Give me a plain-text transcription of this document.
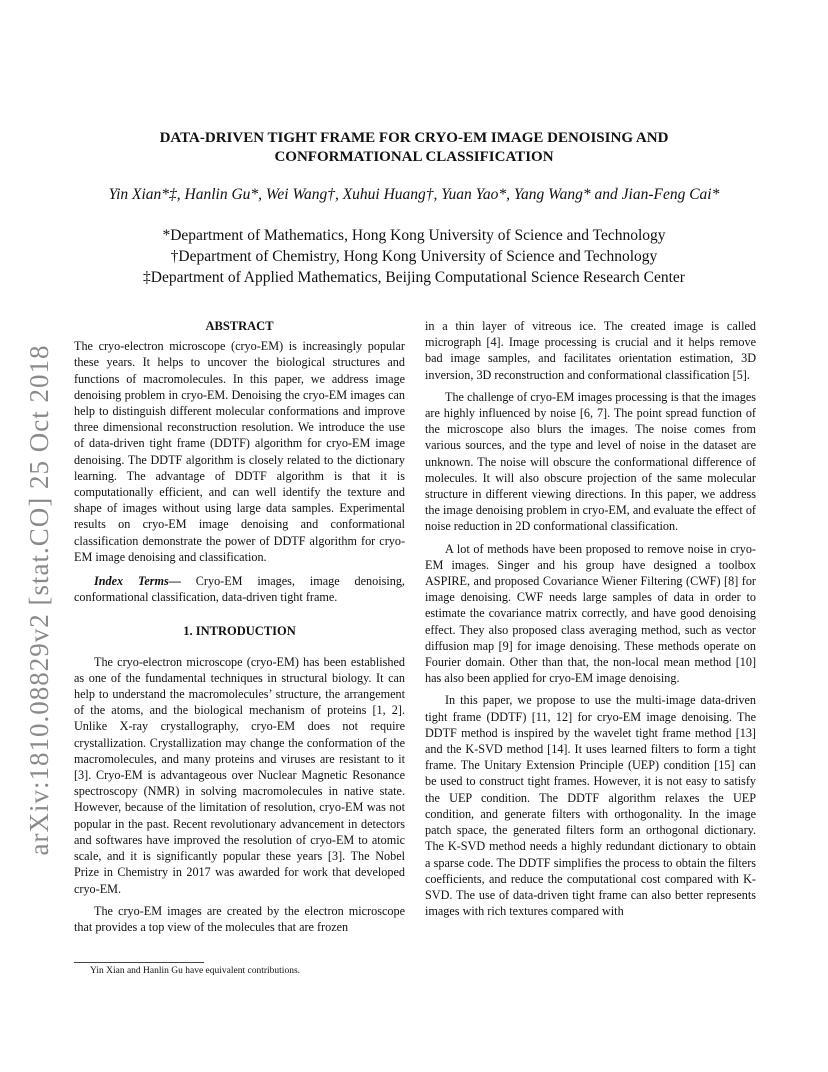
arXiv:1810.08829v2 [stat.CO] 25 Oct 2018
DATA-DRIVEN TIGHT FRAME FOR CRYO-EM IMAGE DENOISING AND CONFORMATIONAL CLASSIFICATION
Yin Xian*‡, Hanlin Gu*, Wei Wang†, Xuhui Huang†, Yuan Yao*, Yang Wang* and Jian-Feng Cai*
*Department of Mathematics, Hong Kong University of Science and Technology
†Department of Chemistry, Hong Kong University of Science and Technology
‡Department of Applied Mathematics, Beijing Computational Science Research Center
ABSTRACT

The cryo-electron microscope (cryo-EM) is increasingly popular these years. It helps to uncover the biological structures and functions of macromolecules. In this paper, we address image denoising problem in cryo-EM. Denoising the cryo-EM images can help to distinguish different molecular conformations and improve three dimensional reconstruction resolution. We introduce the use of data-driven tight frame (DDTF) algorithm for cryo-EM image denoising. The DDTF algorithm is closely related to the dictionary learning. The advantage of DDTF algorithm is that it is computationally efficient, and can well identify the texture and shape of images without using large data samples. Experimental results on cryo-EM image denoising and conformational classification demonstrate the power of DDTF algorithm for cryo-EM image denoising and classification.

Index Terms— Cryo-EM images, image denoising, conformational classification, data-driven tight frame.

1. INTRODUCTION

The cryo-electron microscope (cryo-EM) has been established as one of the fundamental techniques in structural biology. It can help to understand the macromolecules’ structure, the arrangement of the atoms, and the biological mechanism of proteins [1, 2]. Unlike X-ray crystallography, cryo-EM does not require crystallization. Crystallization may change the conformation of the macromolecules, and many proteins and viruses are resistant to it [3]. Cryo-EM is advantageous over Nuclear Magnetic Resonance spectroscopy (NMR) in solving macromolecules in native state. However, because of the limitation of resolution, cryo-EM was not popular in the past. Recent revolutionary advancement in detectors and softwares have improved the resolution of cryo-EM to atomic scale, and it is significantly popular these years [3]. The Nobel Prize in Chemistry in 2017 was awarded for work that developed cryo-EM.

The cryo-EM images are created by the electron microscope that provides a top view of the molecules that are frozen

in a thin layer of vitreous ice. The created image is called micrograph [4]. Image processing is crucial and it helps remove bad image samples, and facilitates orientation estimation, 3D inversion, 3D reconstruction and conformational classification [5].

The challenge of cryo-EM images processing is that the images are highly influenced by noise [6, 7]. The point spread function of the microscope also blurs the images. The noise comes from various sources, and the type and level of noise in the dataset are unknown. The noise will obscure the conformational difference of molecules. It will also obscure projection of the same molecular structure in different viewing directions. In this paper, we address the image denoising problem in cryo-EM, and evaluate the effect of noise reduction in 2D conformational classification.

A lot of methods have been proposed to remove noise in cryo-EM images. Singer and his group have designed a toolbox ASPIRE, and proposed Covariance Wiener Filtering (CWF) [8] for image denoising. CWF needs large samples of data in order to estimate the covariance matrix correctly, and have good denoising effect. They also proposed class averaging method, such as vector diffusion map [9] for image denoising. These methods operate on Fourier domain. Other than that, the non-local mean method [10] has also been applied for cryo-EM image denoising.

In this paper, we propose to use the multi-image data-driven tight frame (DDTF) [11, 12] for cryo-EM image denoising. The DDTF method is inspired by the wavelet tight frame method [13] and the K-SVD method [14]. It uses learned filters to form a tight frame. The Unitary Extension Principle (UEP) condition [15] can be used to construct tight frames. However, it is not easy to satisfy the UEP condition. The DDTF algorithm relaxes the UEP condition, and generate filters with orthogonality. In the image patch space, the generated filters form an orthogonal dictionary. The K-SVD method needs a highly redundant dictionary to obtain a sparse code. The DDTF simplifies the process to obtain the filters coefficients, and reduce the computational cost compared with K-SVD. The use of data-driven tight frame can also better represents images with rich textures compared with

Yin Xian and Hanlin Gu have equivalent contributions.
